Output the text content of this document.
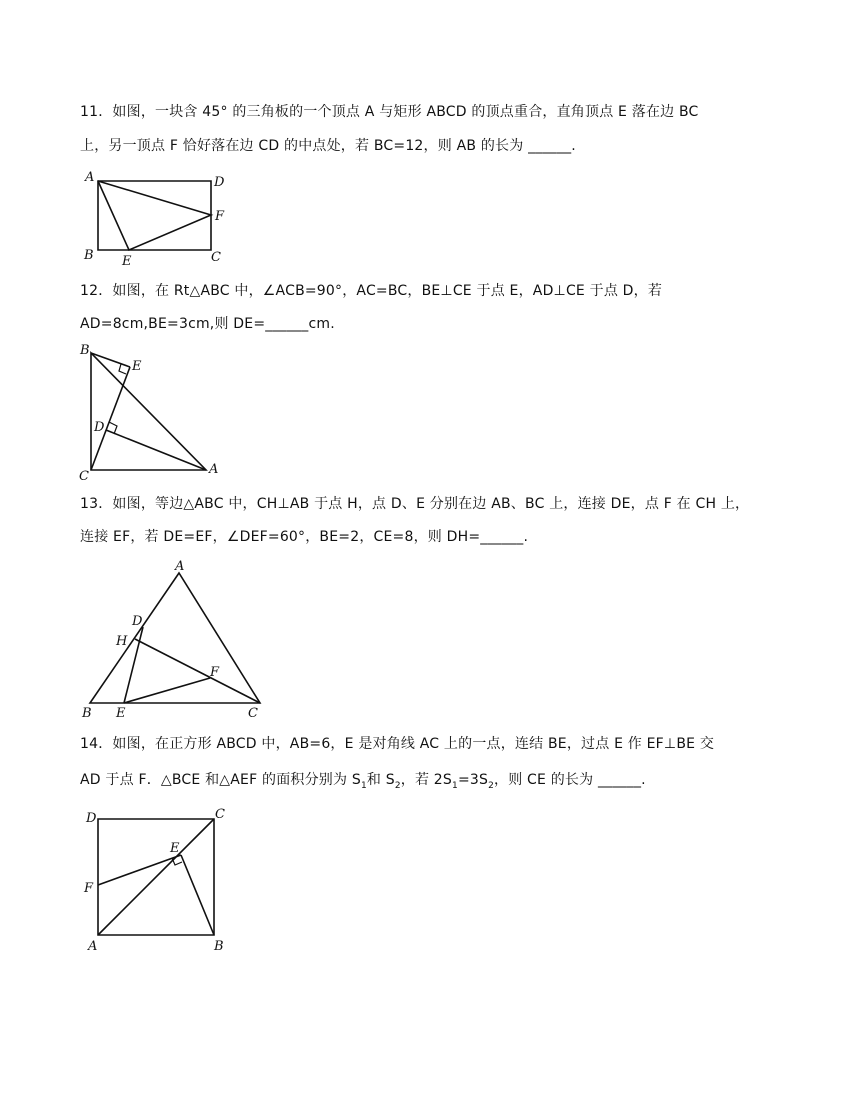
11．如图，一块含 45° 的三角板的一个顶点 A 与矩形 ABCD 的顶点重合，直角顶点 E 落在边 BC
上，另一顶点 F 恰好落在边 CD 的中点处，若 BC=12，则 AB 的长为 ______.
A	D
F
B E	C
12．如图，在 Rt△ABC 中，∠ACB=90°，AC=BC，BE⊥CE 于点 E，AD⊥CE 于点 D，若
AD=8cm,BE=3cm,则 DE=______cm.
B
E
D
C	A
13．如图，等边△ABC 中，CH⊥AB 于点 H，点 D、E 分别在边 AB、BC 上，连接 DE，点 F 在 CH 上，
连接 EF，若 DE=EF，∠DEF=60°，BE=2，CE=8，则 DH=______.
A
D
H
F
B E	C
14．如图，在正方形 ABCD 中，AB=6，E 是对角线 AC 上的一点，连结 BE，过点 E 作 EF⊥BE 交
AD 于点 F．△BCE 和△AEF 的面积分别为 $S_1$和 $S_2$，若 $2S_1=3S_2$，则 CE 的长为 ______.
D	C
E
F
A	B
